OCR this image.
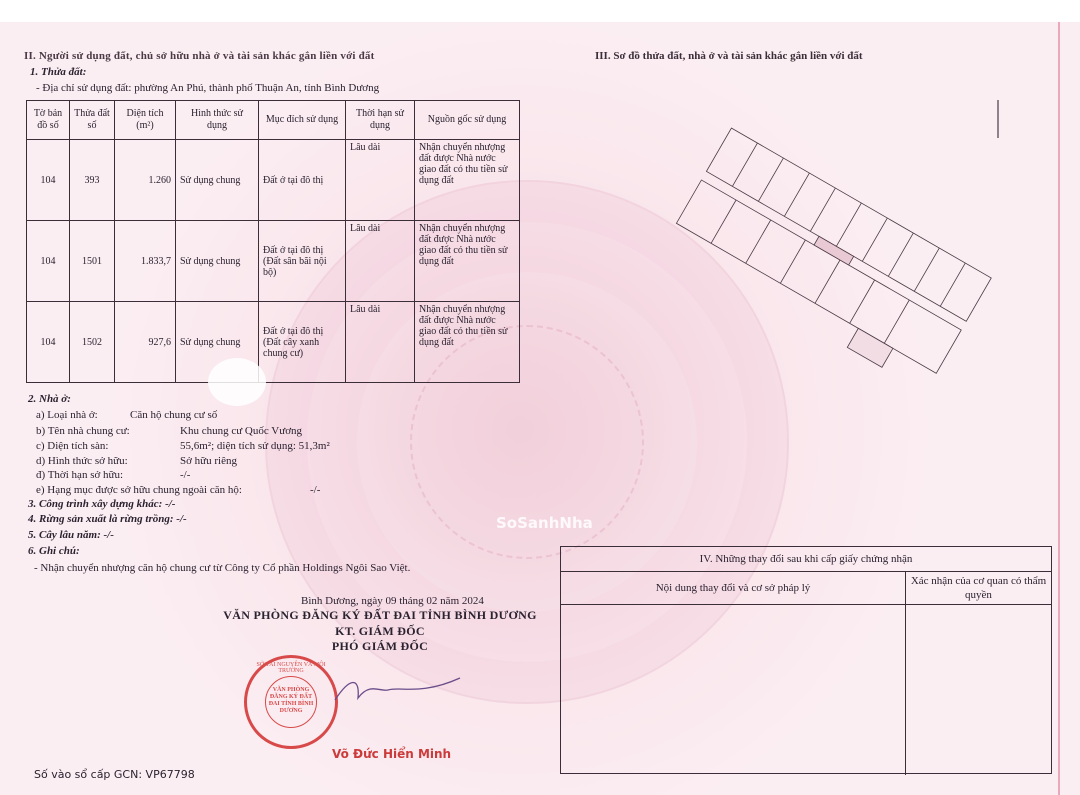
II. Người sử dụng đất, chủ sở hữu nhà ở và tài sản khác gắn liền với đất	III. Sơ đồ thửa đất, nhà ở và tài sản khác gắn liền với đất
1. Thửa đất:
- Địa chỉ sử dụng đất: phường An Phú, thành phố Thuận An, tỉnh Bình Dương
Tờ bản đồ số	Thửa đất số	Diện tích (m²)	Hình thức sử dụng	Mục đích sử dụng	Thời hạn sử dụng	Nguồn gốc sử dụng
104	393	1.260	Sử dụng chung	Đất ở tại đô thị	Lâu dài	Nhận chuyển nhượng đất được Nhà nước giao đất có thu tiền sử dụng đất
104	1501	1.833,7	Sử dụng chung	Đất ở tại đô thị (Đất sân bãi nội bộ)	Lâu dài	Nhận chuyển nhượng đất được Nhà nước giao đất có thu tiền sử dụng đất
104	1502	927,6	Sử dụng chung	Đất ở tại đô thị (Đất cây xanh chung cư)	Lâu dài	Nhận chuyển nhượng đất được Nhà nước giao đất có thu tiền sử dụng đất
2. Nhà ở:
a) Loại nhà ở:	Căn hộ chung cư số
b) Tên nhà chung cư:	Khu chung cư Quốc Vương
c) Diện tích sàn:	55,6m²; diện tích sử dụng: 51,3m²
d) Hình thức sở hữu:	Sở hữu riêng
đ) Thời hạn sở hữu:	-/-
e) Hạng mục được sở hữu chung ngoài căn hộ:	-/-
3. Công trình xây dựng khác: -/-
4. Rừng sản xuất là rừng trồng: -/-
5. Cây lâu năm: -/-
6. Ghi chú:
- Nhận chuyển nhượng căn hộ chung cư từ Công ty Cổ phần Holdings Ngôi Sao Việt.
Bình Dương, ngày 09 tháng 02 năm 2024
VĂN PHÒNG ĐĂNG KÝ ĐẤT ĐAI TỈNH BÌNH DƯƠNG
KT. GIÁM ĐỐC
PHÓ GIÁM ĐỐC
SỞ TÀI NGUYÊN VÀ MÔI TRƯỜNG
VĂN PHÒNG ĐĂNG KÝ ĐẤT ĐAI TỈNH BÌNH DƯƠNG
Võ Đức Hiển Minh
Số vào sổ cấp GCN: VP67798
IV. Những thay đổi sau khi cấp giấy chứng nhận
Nội dung thay đổi và cơ sở pháp lý
Xác nhận của cơ quan có thẩm quyền
SoSanhNha
